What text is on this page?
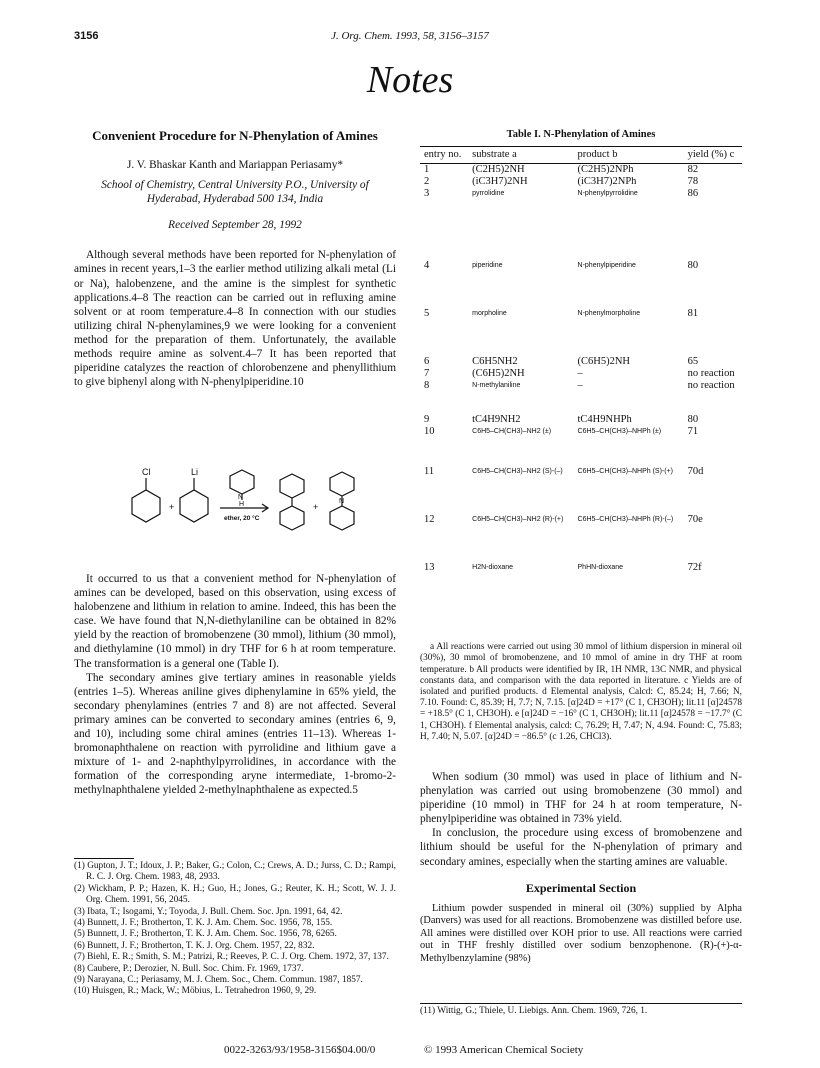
3156	J. Org. Chem. 1993, 58, 3156–3157
Notes

Convenient Procedure for N-Phenylation of Amines

J. V. Bhaskar Kanth and Mariappan Periasamy*

School of Chemistry, Central University P.O., University of Hyderabad, Hyderabad 500 134, India

Received September 28, 1992

Although several methods have been reported for N-phenylation of amines in recent years,1–3 the earlier method utilizing alkali metal (Li or Na), halobenzene, and the amine is the simplest for synthetic applications.4–8 The reaction can be carried out in refluxing amine solvent or at room temperature.4–8 In connection with our studies utilizing chiral N-phenylamines,9 we were looking for a convenient method for the preparation of them. Unfortunately, the available methods require amine as solvent.4–7 It has been reported that piperidine catalyzes the reaction of chlorobenzene and phenyllithium to give biphenyl along with N-phenylpiperidine.10

Cl	Li
+	H
N
+
N
ether, 20 °C

It occurred to us that a convenient method for N-phenylation of amines can be developed, based on this observation, using excess of halobenzene and lithium in relation to amine. Indeed, this has been the case. We have found that N,N-diethylaniline can be obtained in 82% yield by the reaction of bromobenzene (30 mmol), lithium (30 mmol), and diethylamine (10 mmol) in dry THF for 6 h at room temperature. The transformation is a general one (Table I).

The secondary amines give tertiary amines in reasonable yields (entries 1–5). Whereas aniline gives diphenylamine in 65% yield, the secondary phenylamines (entries 7 and 8) are not affected. Several primary amines can be converted to secondary amines (entries 6, 9, and 10), including some chiral amines (entries 11–13). Whereas 1-bromonaphthalene on reaction with pyrrolidine and lithium gave a mixture of 1- and 2-naphthylpyrrolidines, in accordance with the formation of the corresponding aryne intermediate, 1-bromo-2-methylnaphthalene yielded 2-methylnaphthalene as expected.5

(1) Gupton, J. T.; Idoux, J. P.; Baker, G.; Colon, C.; Crews, A. D.; Jurss, C. D.; Rampi, R. C. J. Org. Chem. 1983, 48, 2933.
(2) Wickham, P. P.; Hazen, K. H.; Guo, H.; Jones, G.; Reuter, K. H.; Scott, W. J. J. Org. Chem. 1991, 56, 2045.
(3) Ibata, T.; Isogami, Y.; Toyoda, J. Bull. Chem. Soc. Jpn. 1991, 64, 42.
(4) Bunnett, J. F.; Brotherton, T. K. J. Am. Chem. Soc. 1956, 78, 155.
(5) Bunnett, J. F.; Brotherton, T. K. J. Am. Chem. Soc. 1956, 78, 6265.
(6) Bunnett, J. F.; Brotherton, T. K. J. Org. Chem. 1957, 22, 832.
(7) Biehl, E. R.; Smith, S. M.; Patrizi, R.; Reeves, P. C. J. Org. Chem. 1972, 37, 137.
(8) Caubere, P.; Derozier, N. Bull. Soc. Chim. Fr. 1969, 1737.
(9) Narayana, C.; Periasamy, M. J. Chem. Soc., Chem. Commun. 1987, 1857.
(10) Huisgen, R.; Mack, W.; Möbius, L. Tetrahedron 1960, 9, 29.
Table I. N-Phenylation of Amines
entry no.	substrate a	product b	yield (%) c
1	(C2H5)2NH	(C2H5)2NPh	82
2	(iC3H7)2NH	(iC3H7)2NPh	78
3	pyrrolidine	N-phenylpyrrolidine	86
4	piperidine	N-phenylpiperidine	80
5	morpholine	N-phenylmorpholine	81
6	C6H5NH2	(C6H5)2NH	65
7	(C6H5)2NH	–	no reaction
8	N-methylaniline	–	no reaction
9	tC4H9NH2	tC4H9NHPh	80
10	C6H5–CH(CH3)–NH2 (±)	C6H5–CH(CH3)–NHPh (±)	71
11	C6H5–CH(CH3)–NH2 (S)-(–)	C6H5–CH(CH3)–NHPh (S)-(+)	70d
12	C6H5–CH(CH3)–NH2 (R)-(+)	C6H5–CH(CH3)–NHPh (R)-(–)	70e
13	H2N-dioxane	PhHN-dioxane	72f
a All reactions were carried out using 30 mmol of lithium dispersion in mineral oil (30%), 30 mmol of bromobenzene, and 10 mmol of amine in dry THF at room temperature. b All products were identified by IR, 1H NMR, 13C NMR, and physical constants data, and comparison with the data reported in literature. c Yields are of isolated and purified products. d Elemental analysis, Calcd: C, 85.24; H, 7.66; N, 7.10. Found: C, 85.39; H, 7.7; N, 7.15. [α]24D = +17° (C 1, CH3OH); lit.11 [α]24578 = +18.5° (C 1, CH3OH). e [α]24D = −16° (C 1, CH3OH); lit.11 [α]24578 = −17.7° (C 1, CH3OH). f Elemental analysis, calcd: C, 76.29; H, 7.47; N, 4.94. Found: C, 75.83; H, 7.40; N, 5.07. [α]24D = −86.5° (c 1.26, CHCl3).

When sodium (30 mmol) was used in place of lithium and N-phenylation was carried out using bromobenzene (30 mmol) and piperidine (10 mmol) in THF for 24 h at room temperature, N-phenylpiperidine was obtained in 73% yield.

In conclusion, the procedure using excess of bromobenzene and lithium should be useful for the N-phenylation of primary and secondary amines, especially when the starting amines are valuable.

Experimental Section

Lithium powder suspended in mineral oil (30%) supplied by Alpha (Danvers) was used for all reactions. Bromobenzene was distilled before use. All amines were distilled over KOH prior to use. All reactions were carried out in THF freshly distilled over sodium benzophenone. (R)-(+)-α-Methylbenzylamine (98%)

(11) Wittig, G.; Thiele, U. Liebigs. Ann. Chem. 1969, 726, 1.
0022-3263/93/1958-3156$04.00/0	© 1993 American Chemical Society
